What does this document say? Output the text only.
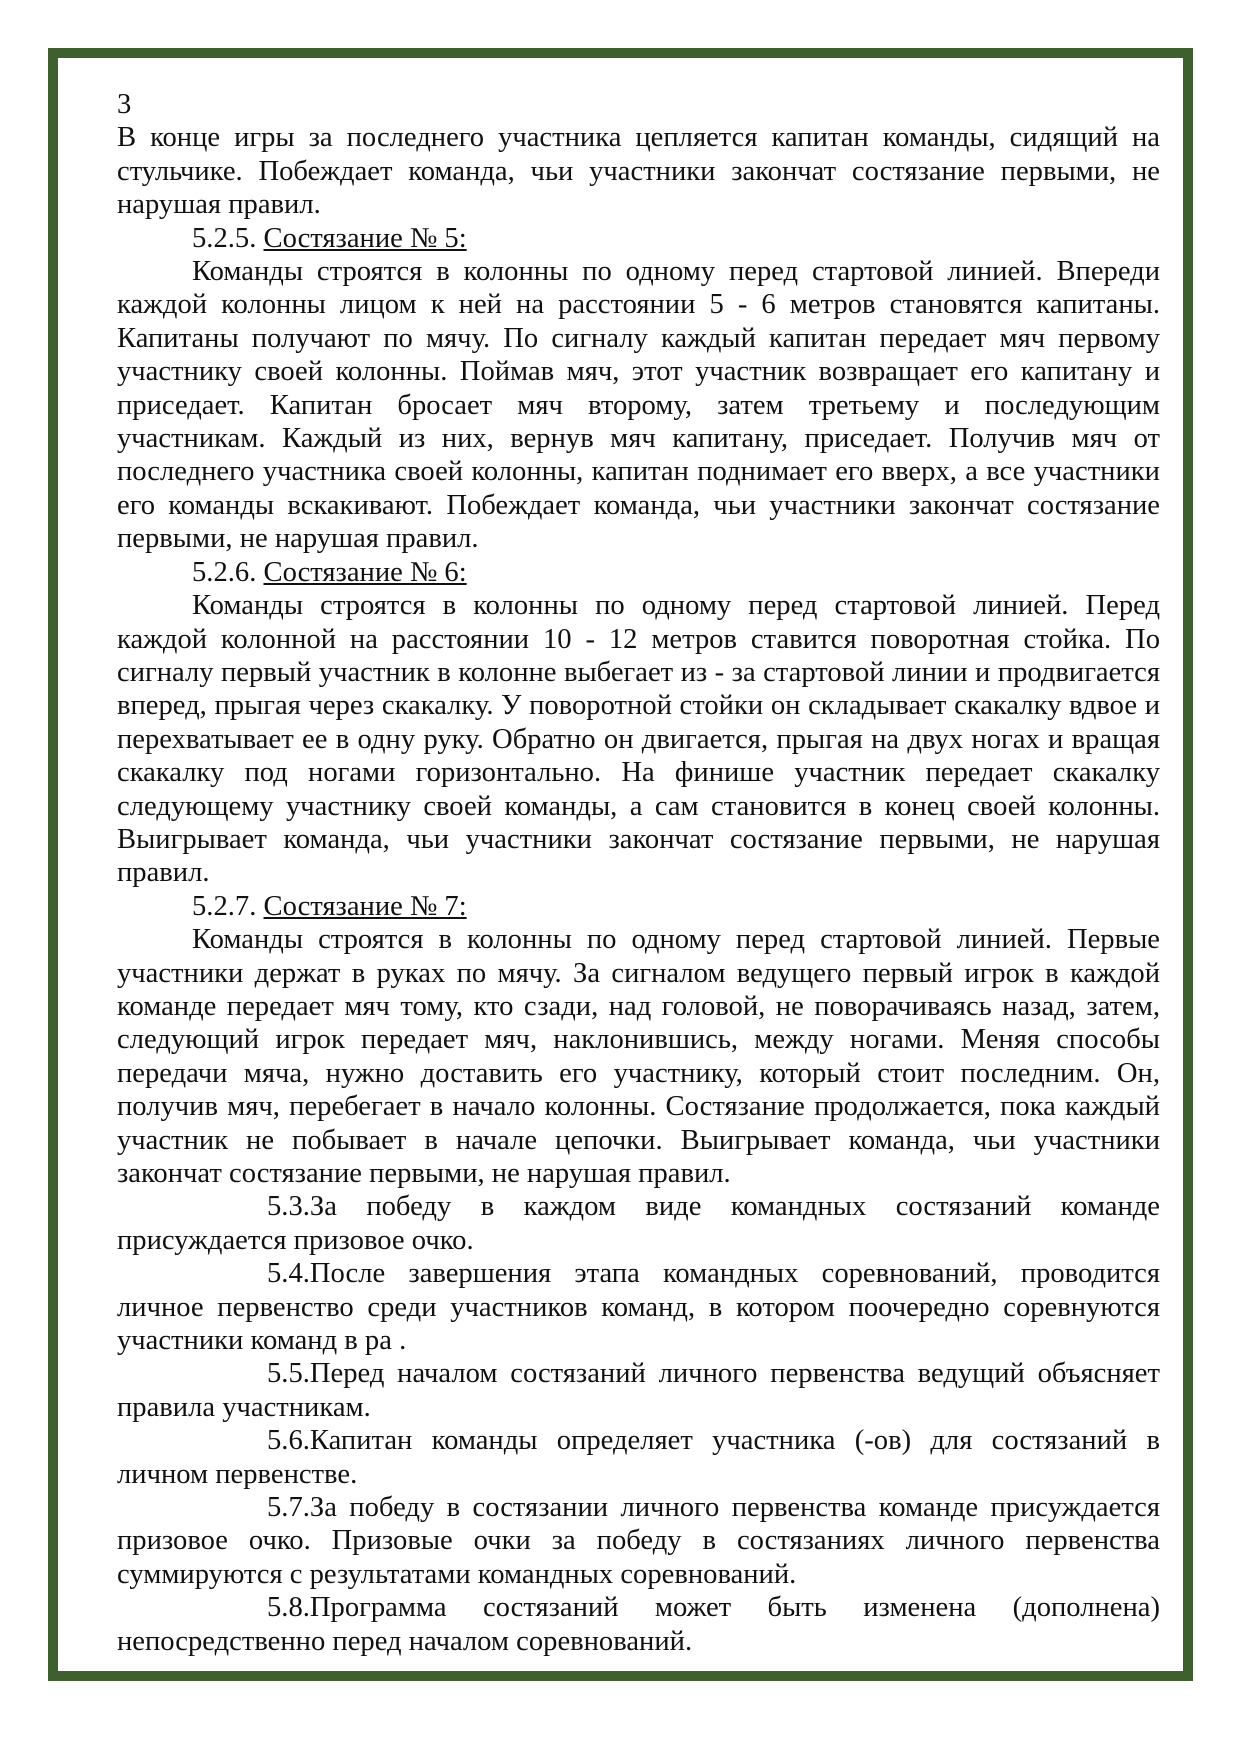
3

В конце игры за последнего участника цепляется капитан команды, сидящий на стульчике. Побеждает команда, чьи участники закончат состязание первыми, не нарушая правил.

5.2.5. Состязание № 5:

Команды строятся в колонны по одному перед стартовой линией. Впереди каждой колонны лицом к ней на расстоянии 5 - 6 метров становятся капитаны. Капитаны получают по мячу. По сигналу каждый капитан передает мяч первому участнику своей колонны. Поймав мяч, этот участник возвращает его капитану и приседает. Капитан бросает мяч второму, затем третьему и последующим участникам. Каждый из них, вернув мяч капитану, приседает. Получив мяч от последнего участника своей колонны, капитан поднимает его вверх, а все участники его команды вскакивают. Побеждает команда, чьи участники закончат состязание первыми, не нарушая правил.

5.2.6. Состязание № 6:

Команды строятся в колонны по одному перед стартовой линией. Перед каждой колонной на расстоянии 10 - 12 метров ставится поворотная стойка. По сигналу первый участник в колонне выбегает из - за стартовой линии и продвигается вперед, прыгая через скакалку. У поворотной стойки он складывает скакалку вдвое и перехватывает ее в одну руку. Обратно он двигается, прыгая на двух ногах и вращая скакалку под ногами горизонтально. На финише участник передает скакалку следующему участнику своей команды, а сам становится в конец своей колонны. Выигрывает команда, чьи участники закончат состязание первыми, не нарушая правил.

5.2.7. Состязание № 7:

Команды строятся в колонны по одному перед стартовой линией. Первые участники держат в руках по мячу. За сигналом ведущего первый игрок в каждой команде передает мяч тому, кто сзади, над головой, не поворачиваясь назад, затем, следующий игрок передает мяч, наклонившись, между ногами. Меняя способы передачи мяча, нужно доставить его участнику, который стоит последним. Он, получив мяч, перебегает в начало колонны. Состязание продолжается, пока каждый участник не побывает в начале цепочки. Выигрывает команда, чьи участники закончат состязание первыми, не нарушая правил.

5.3.За победу в каждом виде командных состязаний команде присуждается призовое очко.

5.4.После завершения этапа командных соревнований, проводится личное первенство среди участников команд, в котором поочередно соревнуются участники команд в ра .

5.5.Перед началом состязаний личного первенства ведущий объясняет правила участникам.

5.6.Капитан команды определяет участника (-ов) для состязаний в личном первенстве.

5.7.За победу в состязании личного первенства команде присуждается призовое очко. Призовые очки за победу в состязаниях личного первенства суммируются с результатами командных соревнований.

5.8.Программа состязаний может быть изменена (дополнена) непосредственно перед началом соревнований.
